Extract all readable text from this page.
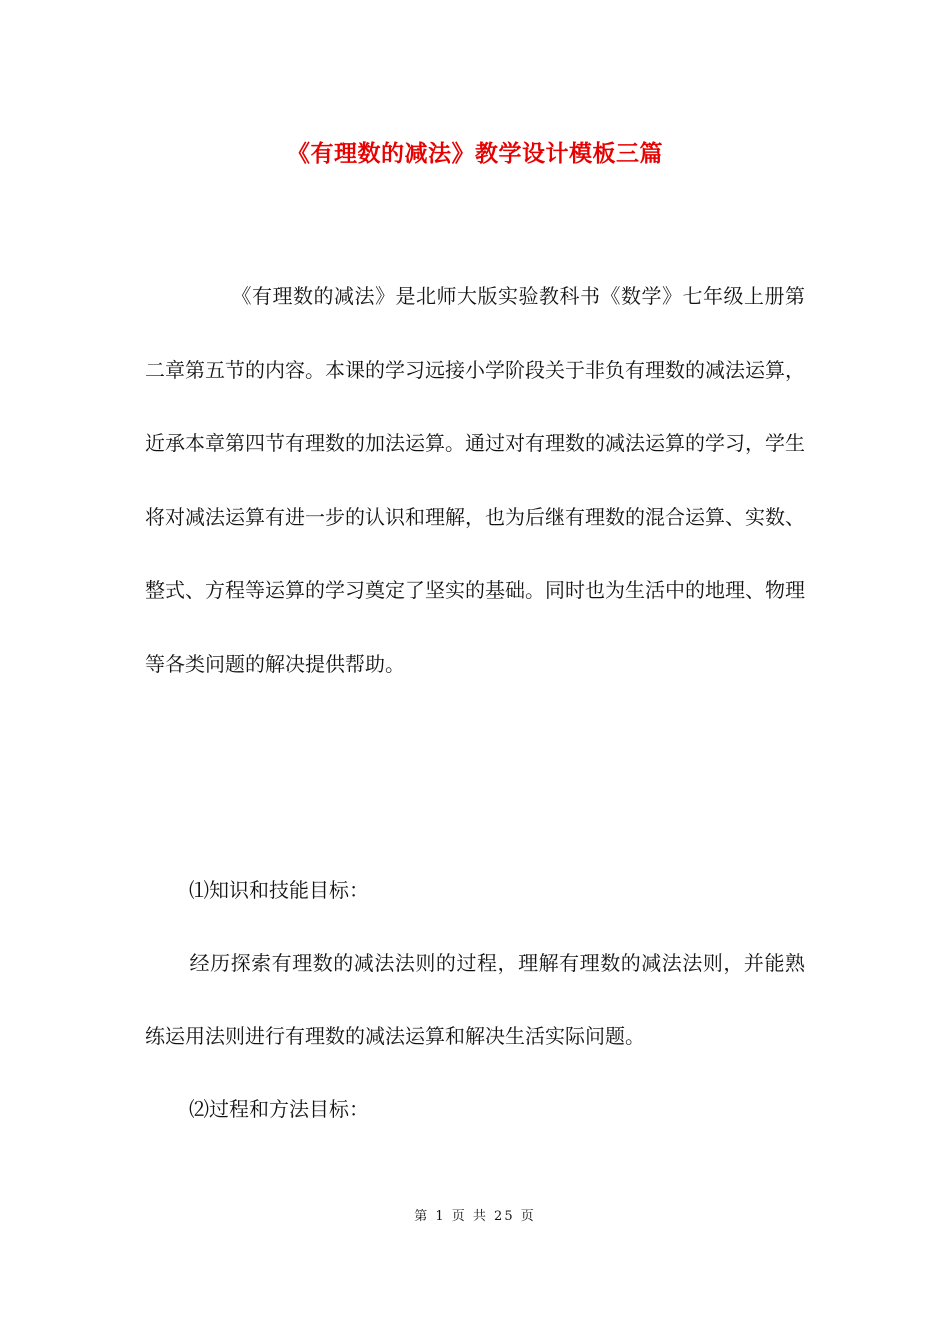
《有理数的减法》教学设计模板三篇

《有理数的减法》是北师大版实验教科书《数学》七年级上册第二章第五节的内容。本课的学习远接小学阶段关于非负有理数的减法运算，近承本章第四节有理数的加法运算。通过对有理数的减法运算的学习，学生将对减法运算有进一步的认识和理解，也为后继有理数的混合运算、实数、整式、方程等运算的学习奠定了坚实的基础。同时也为生活中的地理、物理等各类问题的解决提供帮助。

⑴知识和技能目标：

经历探索有理数的减法法则的过程，理解有理数的减法法则，并能熟练运用法则进行有理数的减法运算和解决生活实际问题。

⑵过程和方法目标：

第 1 页 共 25 页
